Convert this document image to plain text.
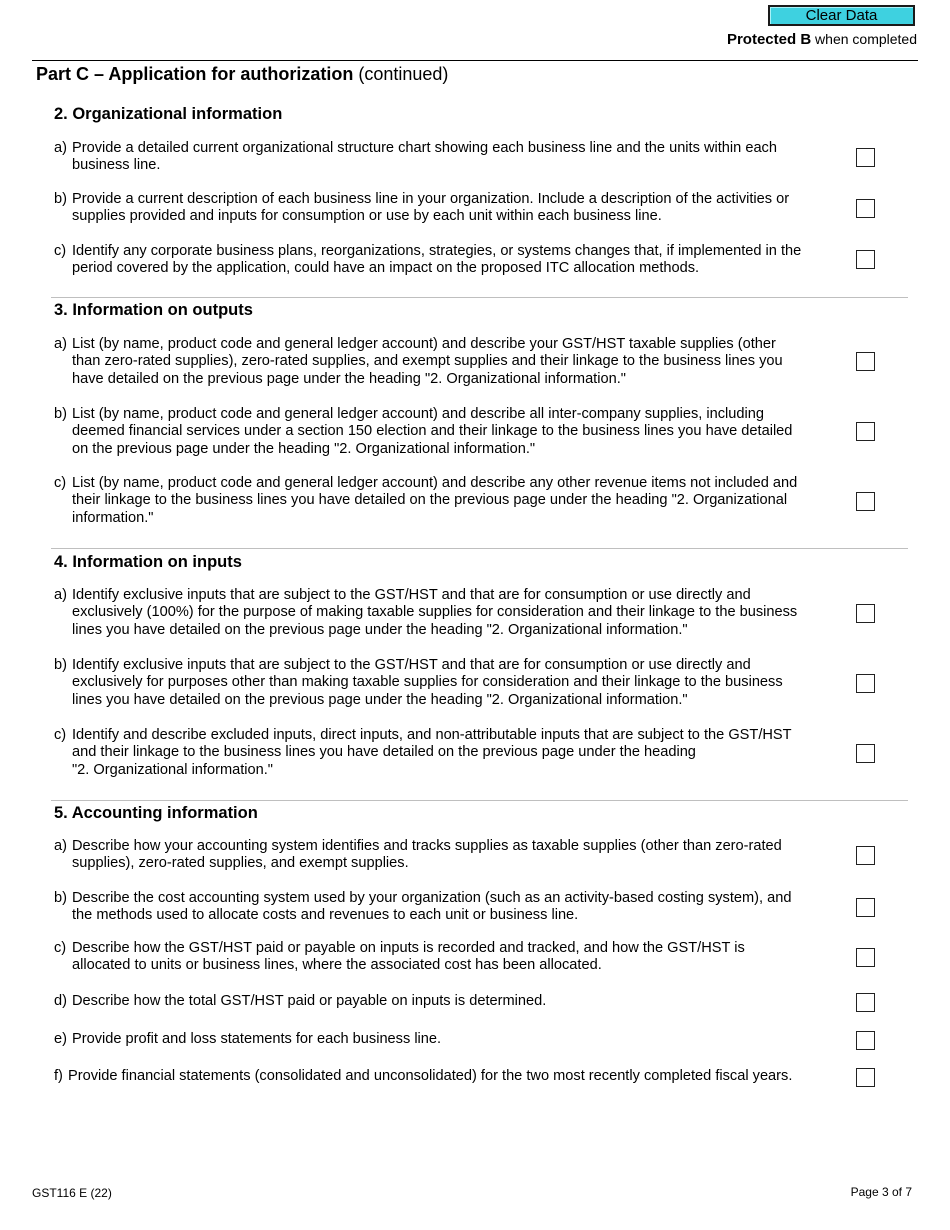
Clear Data
Protected B when completed
Part C – Application for authorization (continued)
2. Organizational information
a) Provide a detailed current organizational structure chart showing each business line and the units within each
business line.
b) Provide a current description of each business line in your organization. Include a description of the activities or
supplies provided and inputs for consumption or use by each unit within each business line.
c) Identify any corporate business plans, reorganizations, strategies, or systems changes that, if implemented in the
period covered by the application, could have an impact on the proposed ITC allocation methods.
3. Information on outputs
a) List (by name, product code and general ledger account) and describe your GST/HST taxable supplies (other
than zero-rated supplies), zero-rated supplies, and exempt supplies and their linkage to the business lines you
have detailed on the previous page under the heading "2. Organizational information."
b) List (by name, product code and general ledger account) and describe all inter-company supplies, including
deemed financial services under a section 150 election and their linkage to the business lines you have detailed
on the previous page under the heading "2. Organizational information."
c) List (by name, product code and general ledger account) and describe any other revenue items not included and
their linkage to the business lines you have detailed on the previous page under the heading "2. Organizational
information."
4. Information on inputs
a) Identify exclusive inputs that are subject to the GST/HST and that are for consumption or use directly and
exclusively (100%) for the purpose of making taxable supplies for consideration and their linkage to the business
lines you have detailed on the previous page under the heading "2. Organizational information."
b) Identify exclusive inputs that are subject to the GST/HST and that are for consumption or use directly and
exclusively for purposes other than making taxable supplies for consideration and their linkage to the business
lines you have detailed on the previous page under the heading "2. Organizational information."
c) Identify and describe excluded inputs, direct inputs, and non-attributable inputs that are subject to the GST/HST
and their linkage to the business lines you have detailed on the previous page under the heading
"2. Organizational information."
5. Accounting information
a) Describe how your accounting system identifies and tracks supplies as taxable supplies (other than zero-rated
supplies), zero-rated supplies, and exempt supplies.
b) Describe the cost accounting system used by your organization (such as an activity-based costing system), and
the methods used to allocate costs and revenues to each unit or business line.
c) Describe how the GST/HST paid or payable on inputs is recorded and tracked, and how the GST/HST is
allocated to units or business lines, where the associated cost has been allocated.
d) Describe how the total GST/HST paid or payable on inputs is determined.
e) Provide profit and loss statements for each business line.
f) Provide financial statements (consolidated and unconsolidated) for the two most recently completed fiscal years.
GST116 E (22)	Page 3 of 7
